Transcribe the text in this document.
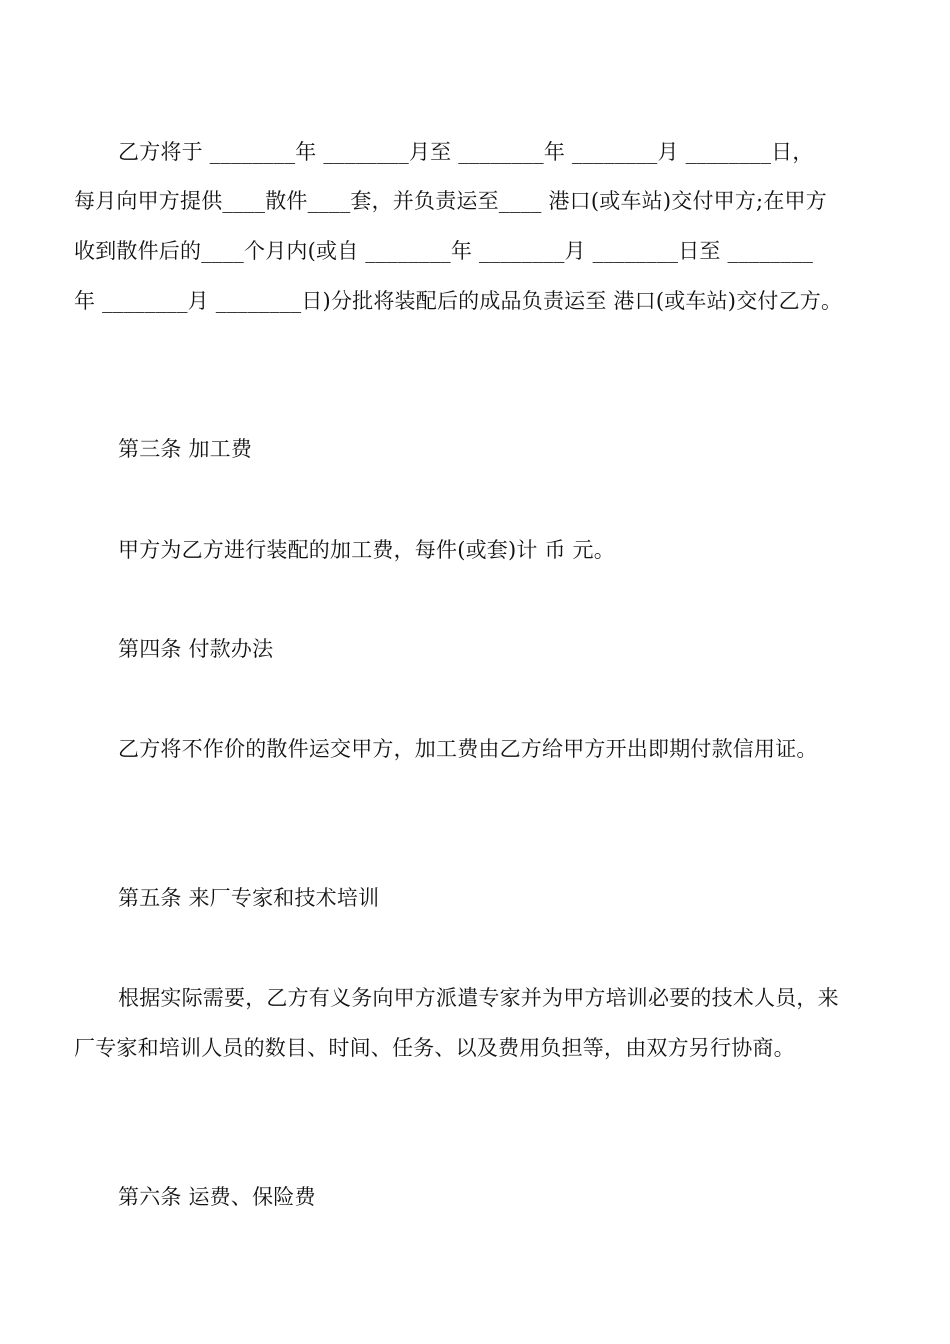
乙方将于 ________年 ________月至 ________年 ________月 ________日，
每月向甲方提供____散件____套，并负责运至____ 港口(或车站)交付甲方;在甲方
收到散件后的____个月内(或自 ________年 ________月 ________日至 ________
年 ________月 ________日)分批将装配后的成品负责运至 港口(或车站)交付乙方。
第三条 加工费
甲方为乙方进行装配的加工费，每件(或套)计 币 元。
第四条 付款办法
乙方将不作价的散件运交甲方，加工费由乙方给甲方开出即期付款信用证。
第五条 来厂专家和技术培训
根据实际需要，乙方有义务向甲方派遣专家并为甲方培训必要的技术人员，来
厂专家和培训人员的数目、时间、任务、以及费用负担等，由双方另行协商。
第六条 运费、保险费
